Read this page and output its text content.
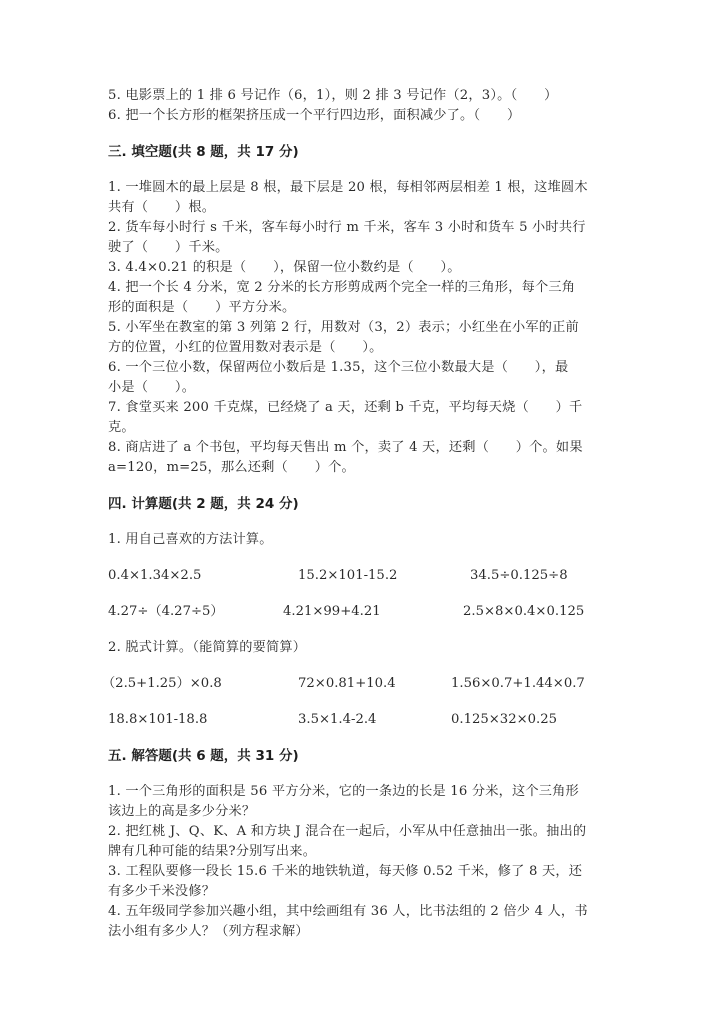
5. 电影票上的 1 排 6 号记作（6，1），则 2 排 3 号记作（2，3）。（　　）
6. 把一个长方形的框架挤压成一个平行四边形，面积减少了。（　　）
三. 填空题(共 8 题，共 17 分)
1. 一堆圆木的最上层是 8 根，最下层是 20 根，每相邻两层相差 1 根，这堆圆木
共有（　　）根。
2. 货车每小时行 s 千米，客车每小时行 m 千米，客车 3 小时和货车 5 小时共行
驶了（　　）千米。
3. 4.4×0.21 的积是（　　），保留一位小数约是（　　）。
4. 把一个长 4 分米，宽 2 分米的长方形剪成两个完全一样的三角形，每个三角
形的面积是（　　）平方分米。
5. 小军坐在教室的第 3 列第 2 行，用数对（3，2）表示；小红坐在小军的正前
方的位置，小红的位置用数对表示是（　　）。
6. 一个三位小数，保留两位小数后是 1.35，这个三位小数最大是（　　），最
小是（　　）。
7. 食堂买来 200 千克煤，已经烧了 a 天，还剩 b 千克，平均每天烧（　　）千
克。
8. 商店进了 a 个书包，平均每天售出 m 个，卖了 4 天，还剩（　　）个。如果
a=120，m=25，那么还剩（　　）个。
四. 计算题(共 2 题，共 24 分)
1. 用自己喜欢的方法计算。
0.4×1.34×2.5	15.2×101-15.2	34.5÷0.125÷8
4.27÷（4.27÷5）	4.21×99+4.21	2.5×8×0.4×0.125
2. 脱式计算。（能简算的要简算）
（2.5+1.25）×0.8	72×0.81+10.4	1.56×0.7+1.44×0.7
18.8×101-18.8	3.5×1.4-2.4	0.125×32×0.25
五. 解答题(共 6 题，共 31 分)
1. 一个三角形的面积是 56 平方分米，它的一条边的长是 16 分米，这个三角形
该边上的高是多少分米？
2. 把红桃 J、Q、K、A 和方块 J 混合在一起后，小军从中任意抽出一张。抽出的
牌有几种可能的结果?分别写出来。
3. 工程队要修一段长 15.6 千米的地铁轨道，每天修 0.52 千米，修了 8 天，还
有多少千米没修？
4. 五年级同学参加兴趣小组，其中绘画组有 36 人，比书法组的 2 倍少 4 人，书
法小组有多少人？（列方程求解）
